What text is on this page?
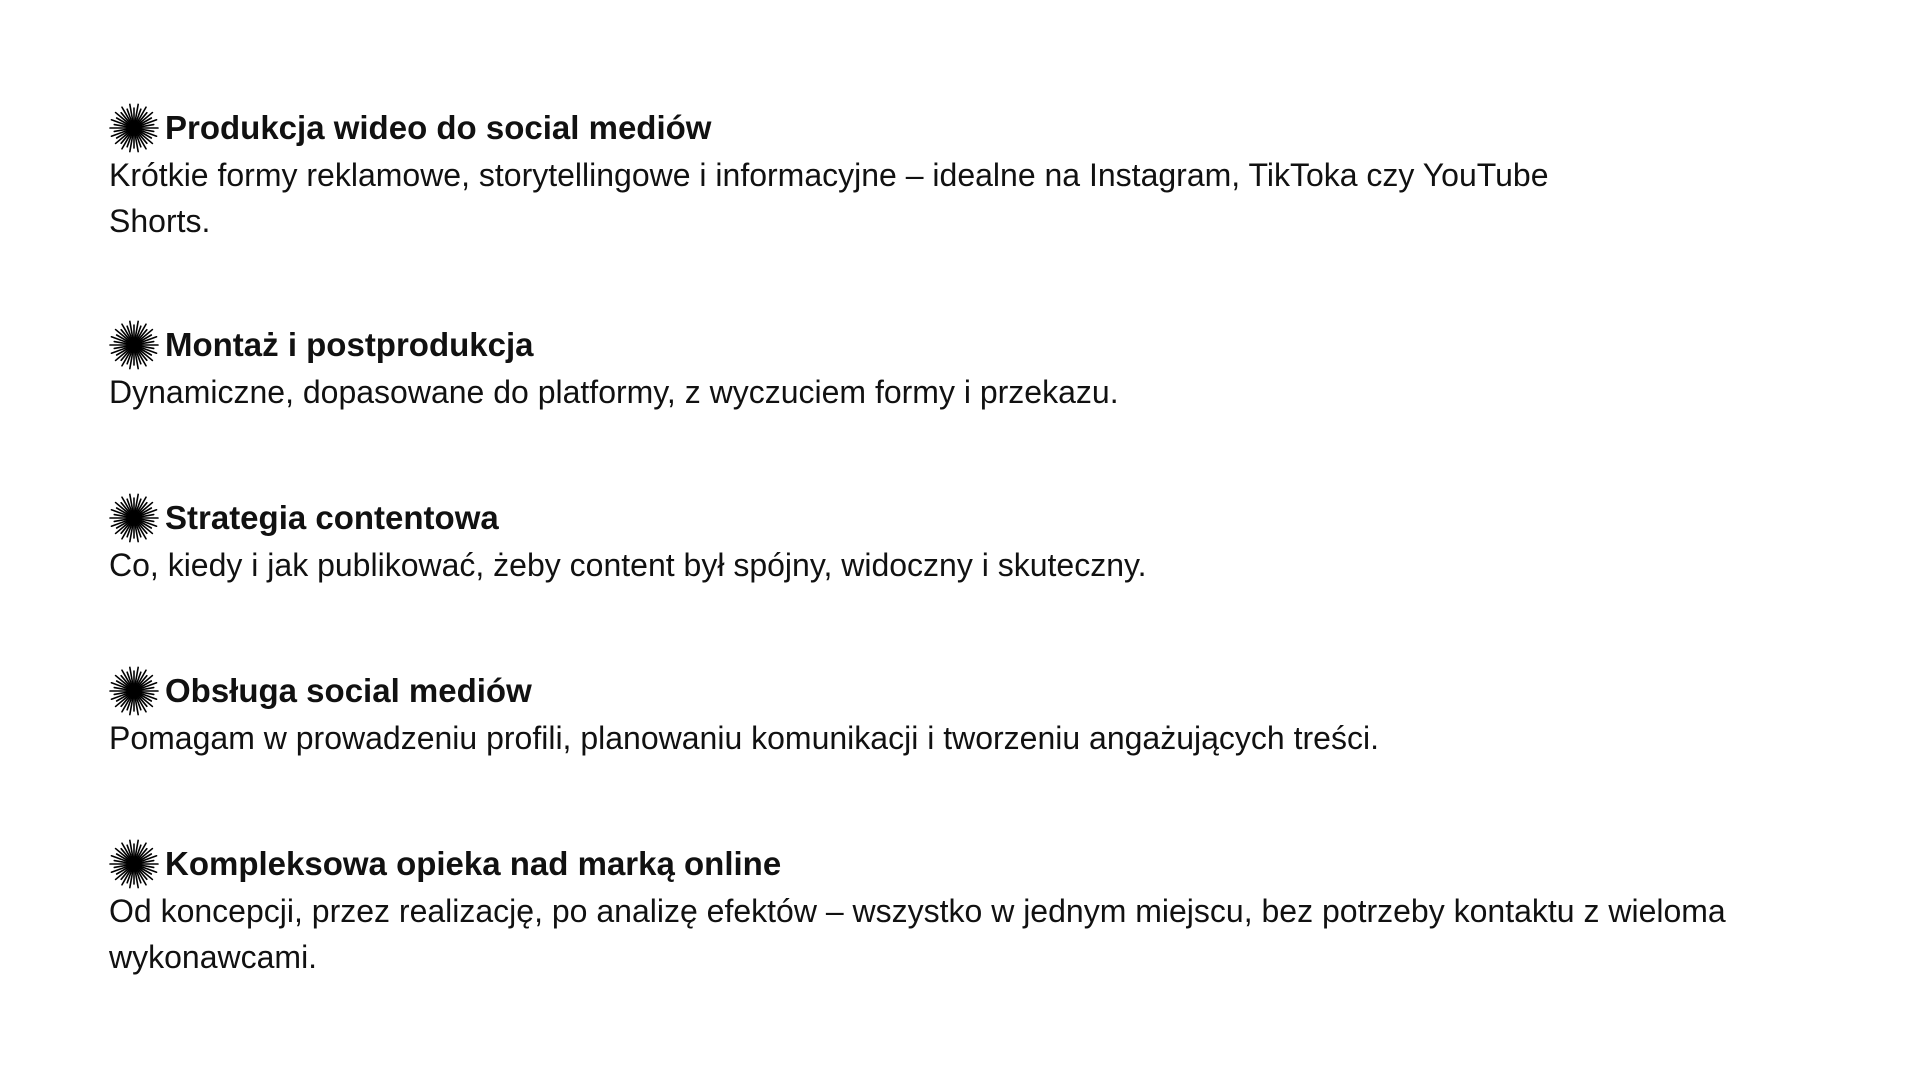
Produkcja wideo do social mediów

Krótkie formy reklamowe, storytellingowe i informacyjne – idealne na Instagram, TikToka czy YouTube Shorts.

Montaż i postprodukcja

Dynamiczne, dopasowane do platformy, z wyczuciem formy i przekazu.

Strategia contentowa

Co, kiedy i jak publikować, żeby content był spójny, widoczny i skuteczny.

Obsługa social mediów

Pomagam w prowadzeniu profili, planowaniu komunikacji i tworzeniu angażujących treści.

Kompleksowa opieka nad marką online

Od koncepcji, przez realizację, po analizę efektów – wszystko w jednym miejscu, bez potrzeby kontaktu z wieloma wykonawcami.
